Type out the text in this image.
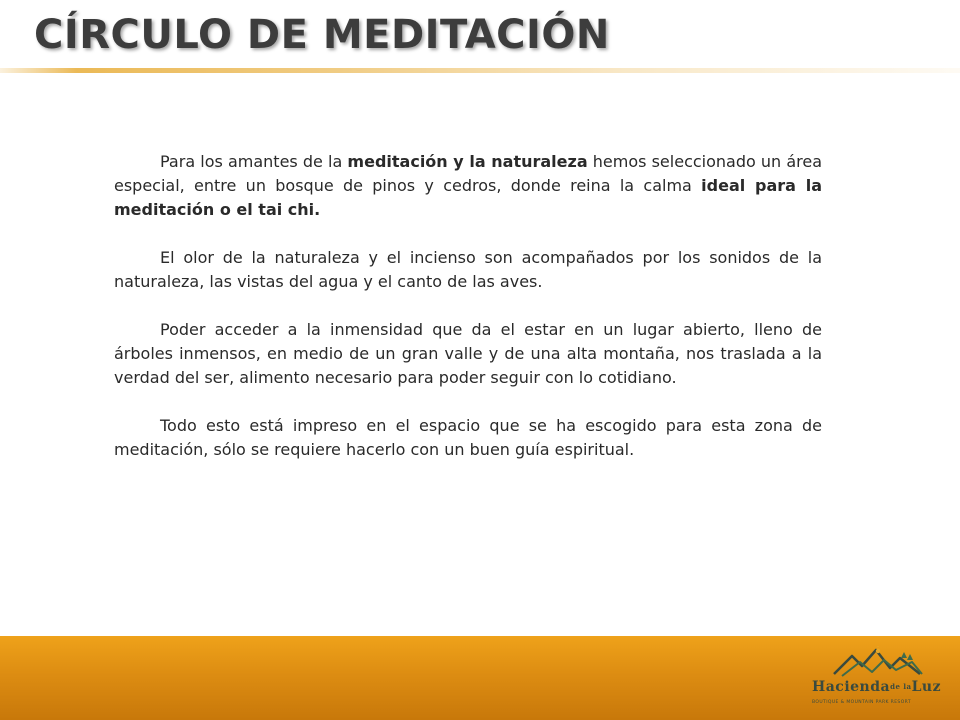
CÍRCULO DE MEDITACIÓN

Para los amantes de la meditación y la naturaleza hemos seleccionado un área especial, entre un bosque de pinos y cedros, donde reina la calma ideal para la meditación o el tai chi.

El olor de la naturaleza y el incienso son acompañados por los sonidos de la naturaleza, las vistas del agua y el canto de las aves.

Poder acceder a la inmensidad que da el estar en un lugar abierto, lleno de árboles inmensos, en medio de un gran valle y de una alta montaña, nos traslada a la verdad del ser, alimento necesario para poder seguir con lo cotidiano.

Todo esto está impreso en el espacio que se ha escogido para esta zona de meditación, sólo se requiere hacerlo con un buen guía espiritual.

Haciendade laLuz
BOUTIQUE & MOUNTAIN PARK RESORT
